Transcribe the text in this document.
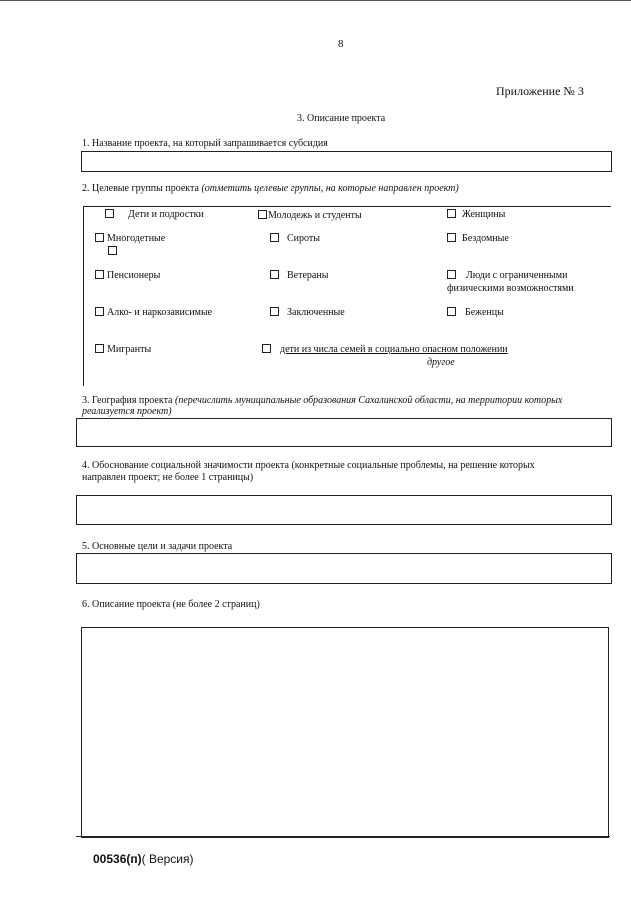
8
Приложение № 3
3. Описание проекта
1. Название проекта, на который запрашивается субсидия
2. Целевые группы проекта (отметить целевые группы, на которые направлен проект)
Дети и подростки	Молодежь и студенты	Женщины
Многодетные	Сироты	Бездомные
Пенсионеры	Ветераны	Люди с ограниченными
физическими возможностями
Алко- и наркозависимые	Заключенные	Беженцы
Мигранты	дети из числа семей в социально опасном положении
другое
3. География проекта (перечислить муниципальные образования Сахалинской области, на территории которых
реализуется проект)
4. Обоснование социальной значимости проекта (конкретные социальные проблемы, на решение которых
направлен проект; не более 1 страницы)
5. Основные цели и задачи проекта
6. Описание проекта (не более 2 страниц)
00536(п)( Версия)
